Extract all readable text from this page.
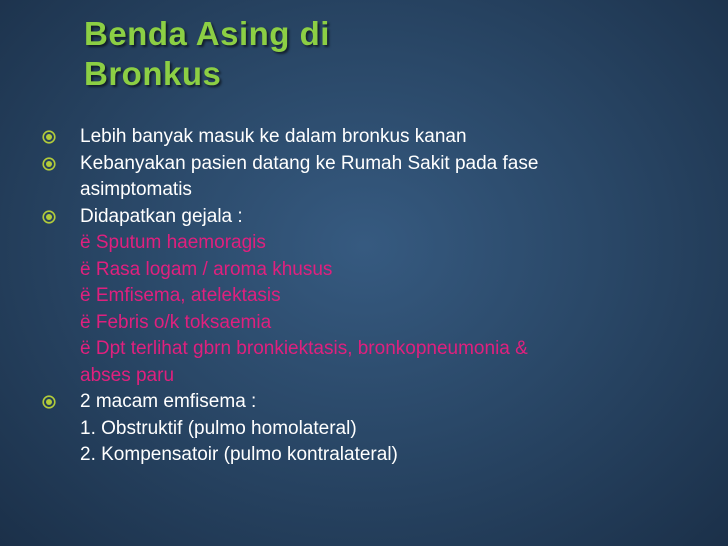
Benda Asing di
Bronkus
Lebih banyak masuk ke dalam bronkus kanan
Kebanyakan pasien datang ke Rumah Sakit pada fase
asimptomatis
Didapatkan gejala :
ë Sputum haemoragis
ë Rasa logam / aroma khusus
ë Emfisema, atelektasis
ë Febris o/k toksaemia
ë Dpt terlihat gbrn bronkiektasis, bronkopneumonia &
abses paru
2 macam emfisema :
1. Obstruktif (pulmo homolateral)
2. Kompensatoir (pulmo kontralateral)
